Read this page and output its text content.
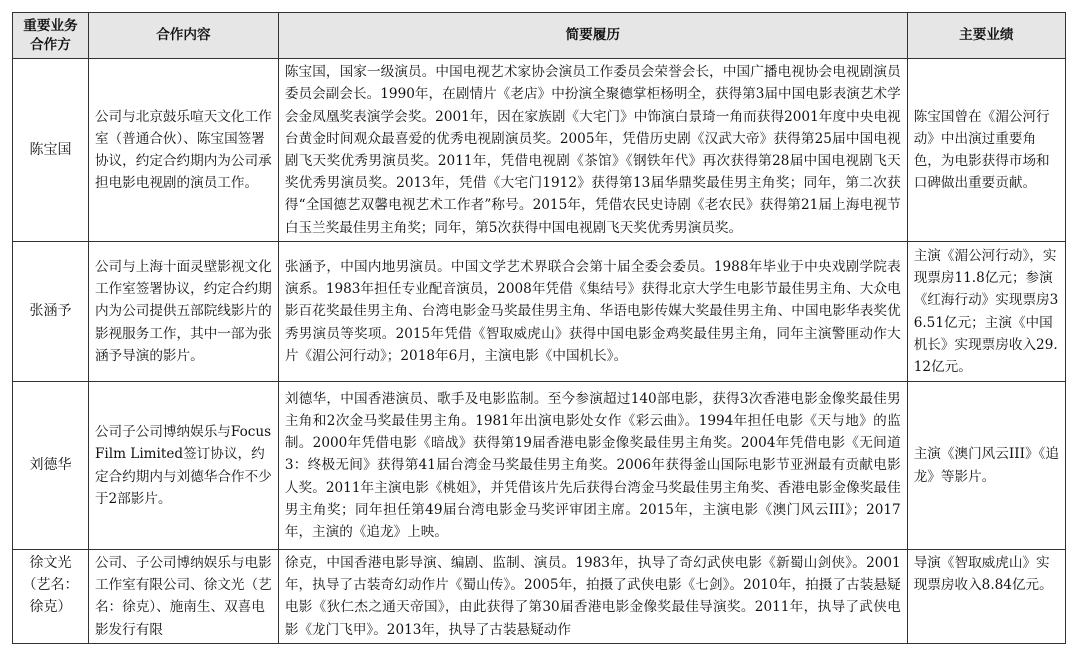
重要业务合作方	合作内容	简要履历	主要业绩
陈宝国	公司与北京鼓乐喧天文化工作室（普通合伙）、陈宝国签署协议，约定合约期内为公司承担电影电视剧的演员工作。	陈宝国，国家一级演员。中国电视艺术家协会演员工作委员会荣誉会长，中国广播电视协会电视剧演员委员会副会长。1990年，在剧情片《老店》中扮演全聚德掌柜杨明全，获得第3届中国电影表演艺术学会金凤凰奖表演学会奖。2001年，因在家族剧《大宅门》中饰演白景琦一角而获得2001年度中央电视台黄金时间观众最喜爱的优秀电视剧演员奖。2005年，凭借历史剧《汉武大帝》获得第25届中国电视剧飞天奖优秀男演员奖。2011年，凭借电视剧《茶馆》《钢铁年代》再次获得第28届中国电视剧飞天奖优秀男演员奖。2013年，凭借《大宅门1912》获得第13届华鼎奖最佳男主角奖；同年，第二次获得“全国德艺双馨电视艺术工作者”称号。2015年，凭借农民史诗剧《老农民》获得第21届上海电视节白玉兰奖最佳男主角奖；同年，第5次获得中国电视剧飞天奖优秀男演员奖。	陈宝国曾在《湄公河行动》中出演过重要角色，为电影获得市场和口碑做出重要贡献。
张涵予	公司与上海十面灵壁影视文化工作室签署协议，约定合约期内为公司提供五部院线影片的影视服务工作，其中一部为张涵予导演的影片。	张涵予，中国内地男演员。中国文学艺术界联合会第十届全委会委员。1988年毕业于中央戏剧学院表演系。1983年担任专业配音演员，2008年凭借《集结号》获得北京大学生电影节最佳男主角、大众电影百花奖最佳男主角、台湾电影金马奖最佳男主角、华语电影传媒大奖最佳男主角、中国电影华表奖优秀男演员等奖项。2015年凭借《智取威虎山》获得中国电影金鸡奖最佳男主角，同年主演警匪动作大片《湄公河行动》；2018年6月，主演电影《中国机长》。	主演《湄公河行动》，实现票房11.8亿元；参演《红海行动》实现票房36.51亿元；主演《中国机长》实现票房收入29.12亿元。
刘德华	公司子公司博纳娱乐与Focus Film Limited签订协议，约定合约期内与刘德华合作不少于2部影片。	刘德华，中国香港演员、歌手及电影监制。至今参演超过140部电影，获得3次香港电影金像奖最佳男主角和2次金马奖最佳男主角。1981年出演电影处女作《彩云曲》。1994年担任电影《天与地》的监制。2000年凭借电影《暗战》获得第19届香港电影金像奖最佳男主角奖。2004年凭借电影《无间道3：终极无间》获得第41届台湾金马奖最佳男主角奖。2006年获得釜山国际电影节亚洲最有贡献电影人奖。2011年主演电影《桃姐》，并凭借该片先后获得台湾金马奖最佳男主角奖、香港电影金像奖最佳男主角奖；同年担任第49届台湾电影金马奖评审团主席。2015年，主演电影《澳门风云III》；2017年，主演的《追龙》上映。	主演《澳门风云III》《追龙》等影片。
徐文光（艺名：徐克）	公司、子公司博纳娱乐与电影工作室有限公司、徐文光（艺名：徐克）、施南生、双喜电影发行有限	徐克，中国香港电影导演、编剧、监制、演员。1983年，执导了奇幻武侠电影《新蜀山剑侠》。2001年，执导了古装奇幻动作片《蜀山传》。2005年，拍摄了武侠电影《七剑》。2010年，拍摄了古装悬疑电影《狄仁杰之通天帝国》，由此获得了第30届香港电影金像奖最佳导演奖。2011年，执导了武侠电影《龙门飞甲》。2013年，执导了古装悬疑动作	导演《智取威虎山》实现票房收入8.84亿元。
